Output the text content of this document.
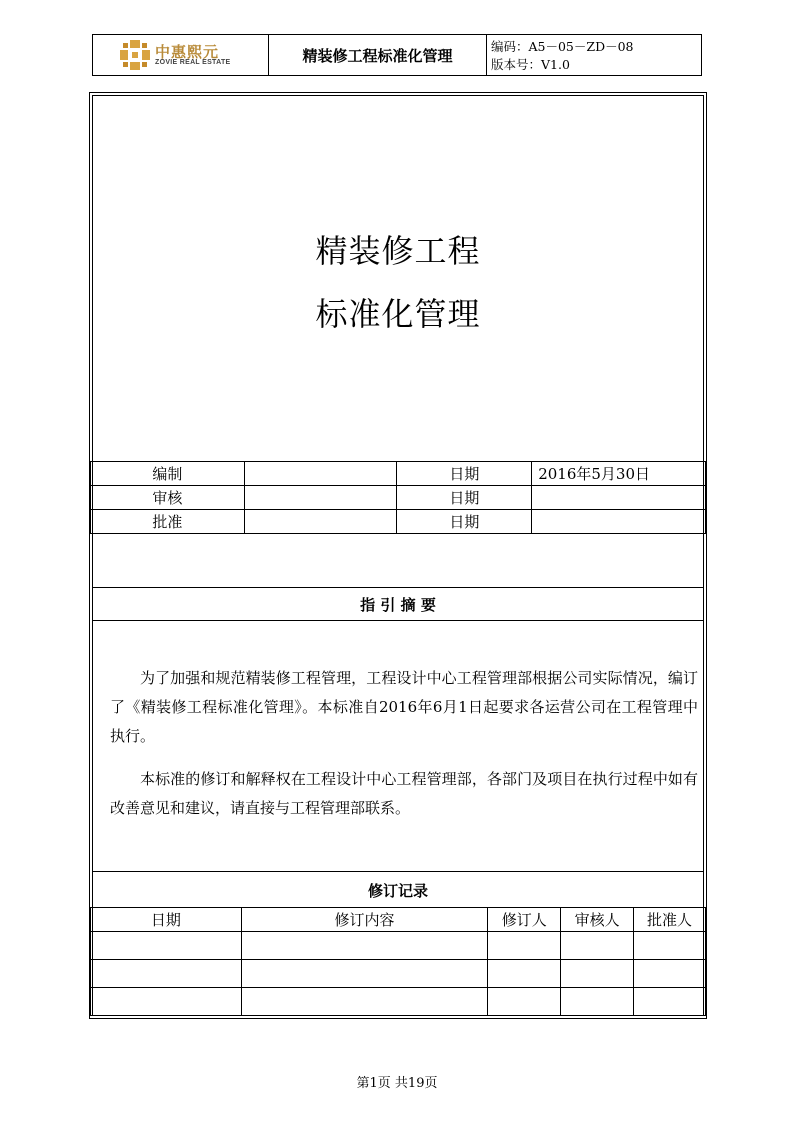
中惠熙元
ZOVIE REAL ESTATE	精装修工程标准化管理	编码：A5－05－ZD－08
版本号：V1.0
精装修工程
标准化管理
编制		日期	2016年5月30日
审核		日期	
批准		日期	
指 引 摘 要
为了加强和规范精装修工程管理，工程设计中心工程管理部根据公司实际情况，编订了《精装修工程标准化管理》。本标准自2016年6月1日起要求各运营公司在工程管理中执行。
本标准的修订和解释权在工程设计中心工程管理部，各部门及项目在执行过程中如有改善意见和建议，请直接与工程管理部联系。
修订记录
日期	修订内容	修订人	审核人	批准人

第1页 共19页
